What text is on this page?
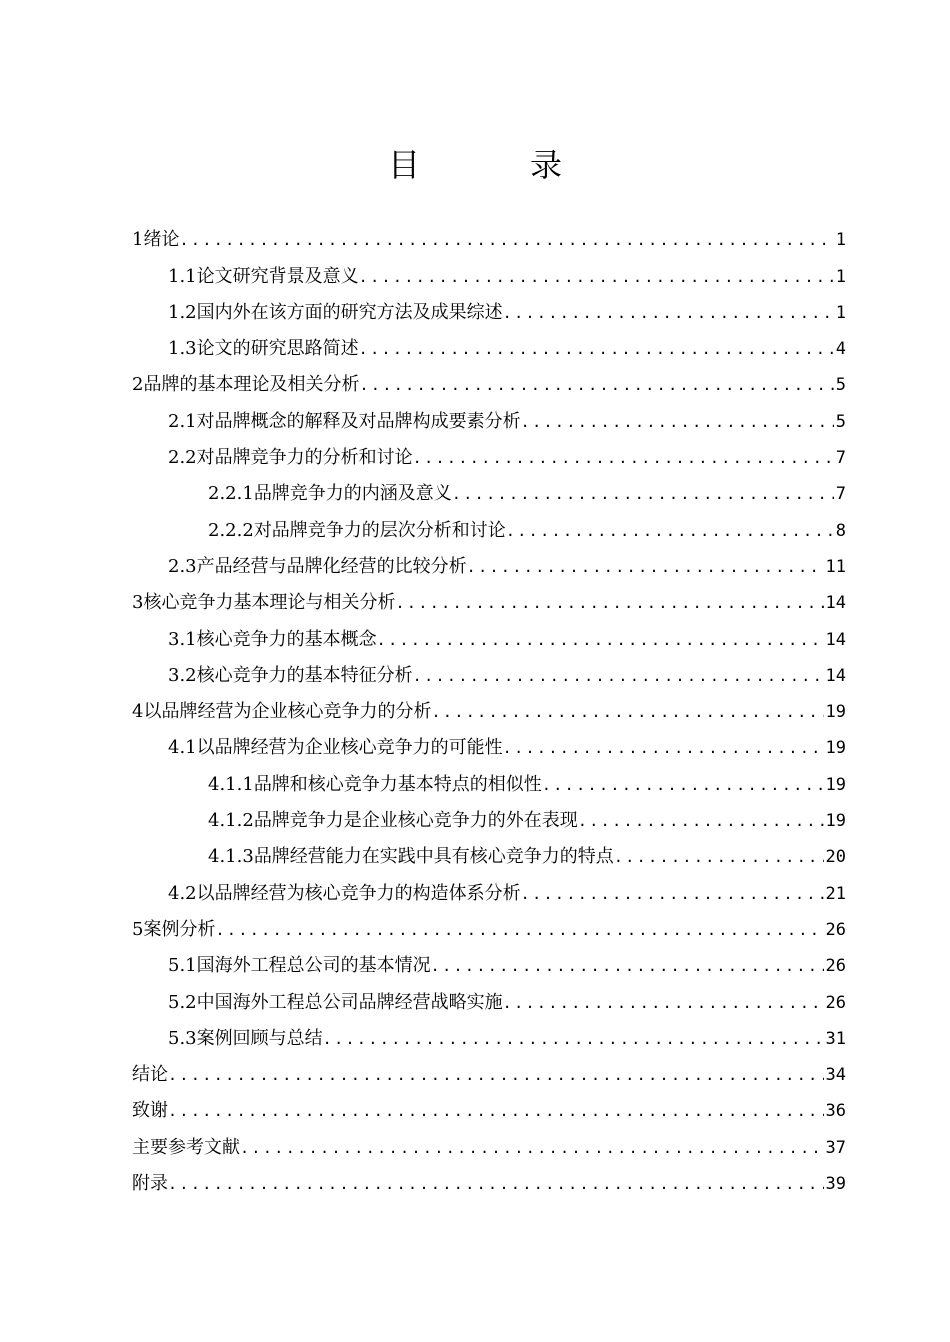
目	录
1 绪论 .....	1
1.1 论文研究背景及意义 .....	1
1.2 国内外在该方面的研究方法及成果综述 .....	1
1.3 论文的研究思路简述 .....	4
2 品牌的基本理论及相关分析 .....	5
2.1 对品牌概念的解释及对品牌构成要素分析 .....	5
2.2 对品牌竞争力的分析和讨论 .....	7
2.2.1 品牌竞争力的内涵及意义 .....	7
2.2.2 对品牌竞争力的层次分析和讨论 .....	8
2.3 产品经营与品牌化经营的比较分析 .....	11
3 核心竞争力基本理论与相关分析 .....	14
3.1 核心竞争力的基本概念 .....	14
3.2 核心竞争力的基本特征分析 .....	14
4 以品牌经营为企业核心竞争力的分析 .....	19
4.1 以品牌经营为企业核心竞争力的可能性 .....	19
4.1.1 品牌和核心竞争力基本特点的相似性 .....	19
4.1.2 品牌竞争力是企业核心竞争力的外在表现 .....	19
4.1.3 品牌经营能力在实践中具有核心竞争力的特点 .....	20
4.2 以品牌经营为核心竞争力的构造体系分析 .....	21
5 案例分析 .....	26
5.1 国海外工程总公司的基本情况 .....	26
5.2 中国海外工程总公司品牌经营战略实施 .....	26
5.3 案例回顾与总结 .....	31
结论 .....	34
致谢 .....	36
主要参考文献 .....	37
附录 .....	39
